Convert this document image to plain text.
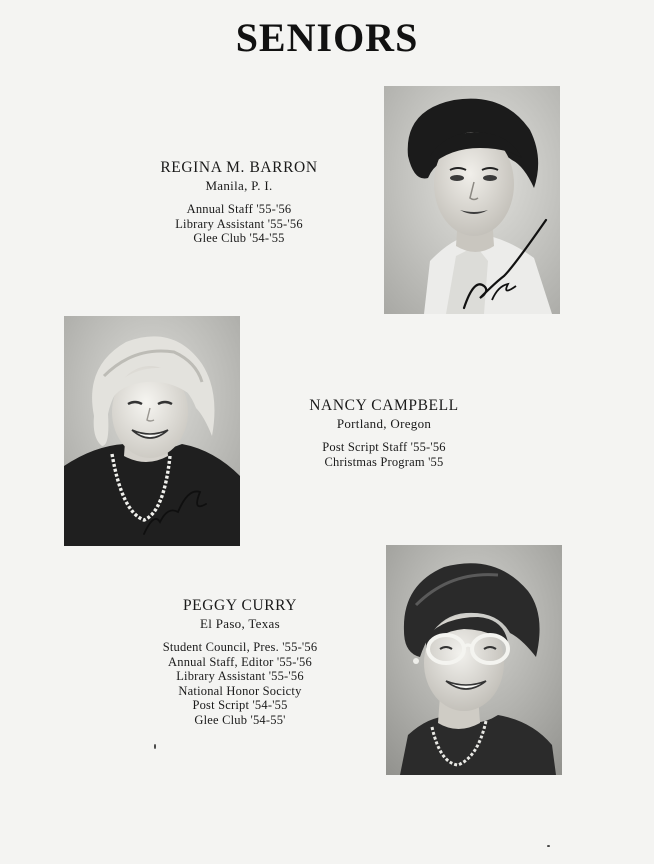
SENIORS
REGINA M. BARRON
Manila, P. I.
Annual Staff '55-'56
Library Assistant '55-'56
Glee Club '54-'55
NANCY CAMPBELL
Portland, Oregon
Post Script Staff '55-'56
Christmas Program '55
PEGGY CURRY
El Paso, Texas
Student Council, Pres. '55-'56
Annual Staff, Editor '55-'56
Library Assistant '55-'56
National Honor Socicty
Post Script '54-'55
Glee Club '54-55'
